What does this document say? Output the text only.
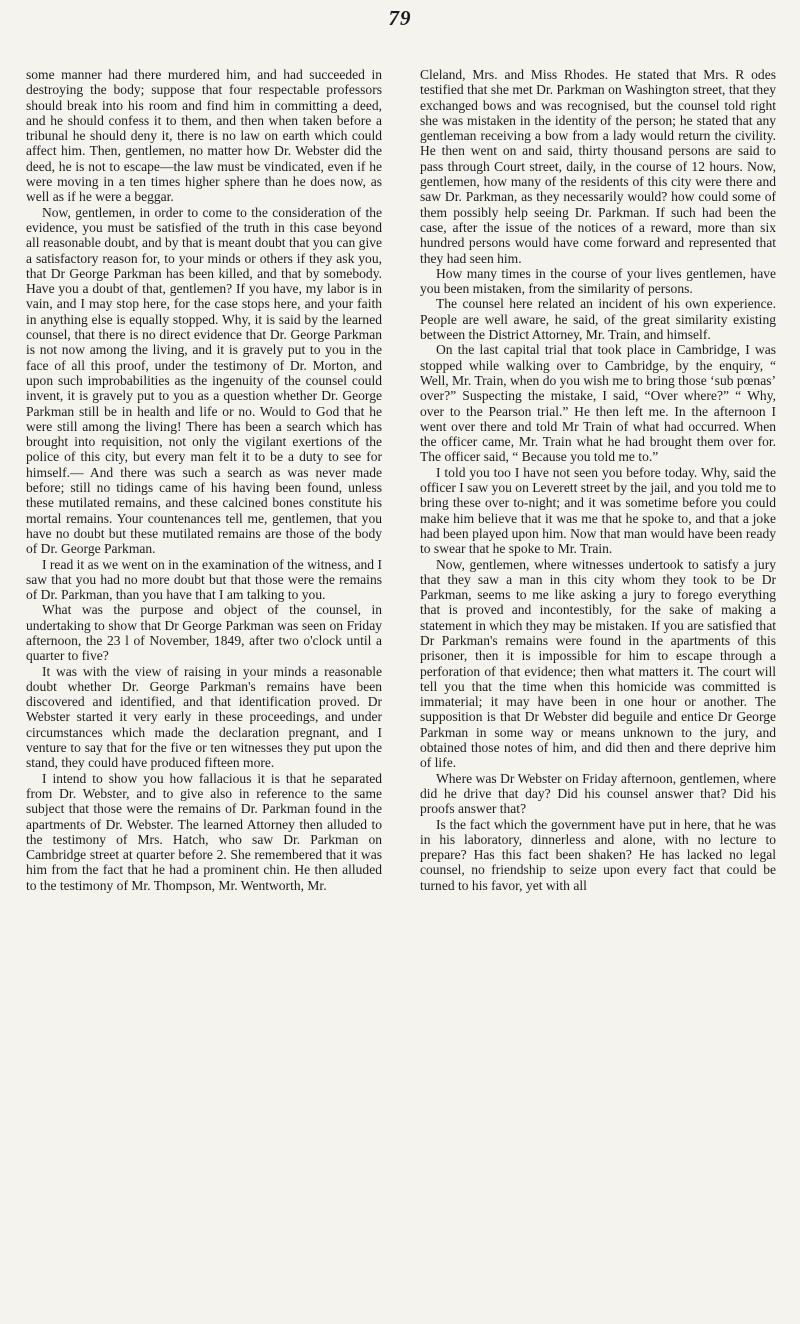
79

some manner had there murdered him, and had succeeded in destroying the body; suppose that four respectable professors should break into his room and find him in committing a deed, and he should confess it to them, and then when taken before a tribunal he should deny it, there is no law on earth which could affect him. Then, gentlemen, no matter how Dr. Webster did the deed, he is not to escape—the law must be vindicated, even if he were moving in a ten times higher sphere than he does now, as well as if he were a beggar.

Now, gentlemen, in order to come to the consideration of the evidence, you must be satisfied of the truth in this case beyond all reasonable doubt, and by that is meant doubt that you can give a satisfactory reason for, to your minds or others if they ask you, that Dr George Parkman has been killed, and that by somebody. Have you a doubt of that, gentlemen? If you have, my labor is in vain, and I may stop here, for the case stops here, and your faith in anything else is equally stopped. Why, it is said by the learned counsel, that there is no direct evidence that Dr. George Parkman is not now among the living, and it is gravely put to you in the face of all this proof, under the testimony of Dr. Morton, and upon such improbabilities as the ingenuity of the counsel could invent, it is gravely put to you as a question whether Dr. George Parkman still be in health and life or no. Would to God that he were still among the living! There has been a search which has brought into requisition, not only the vigilant exertions of the police of this city, but every man felt it to be a duty to see for himself.— And there was such a search as was never made before; still no tidings came of his having been found, unless these mutilated remains, and these calcined bones constitute his mortal remains. Your countenances tell me, gentlemen, that you have no doubt but these mutilated remains are those of the body of Dr. George Parkman.

I read it as we went on in the examination of the witness, and I saw that you had no more doubt but that those were the remains of Dr. Parkman, than you have that I am talking to you.

What was the purpose and object of the counsel, in undertaking to show that Dr George Parkman was seen on Friday afternoon, the 23 l of November, 1849, after two o'clock until a quarter to five?

It was with the view of raising in your minds a reasonable doubt whether Dr. George Parkman's remains have been discovered and identified, and that identification proved. Dr Webster started it very early in these proceedings, and under circumstances which made the declaration pregnant, and I venture to say that for the five or ten witnesses they put upon the stand, they could have produced fifteen more.

I intend to show you how fallacious it is that he separated from Dr. Webster, and to give also in reference to the same subject that those were the remains of Dr. Parkman found in the apartments of Dr. Webster. The learned Attorney then alluded to the testimony of Mrs. Hatch, who saw Dr. Parkman on Cambridge street at quarter before 2. She remembered that it was him from the fact that he had a prominent chin. He then alluded to the testimony of Mr. Thompson, Mr. Wentworth, Mr.

Cleland, Mrs. and Miss Rhodes. He stated that Mrs. R odes testified that she met Dr. Parkman on Washington street, that they exchanged bows and was recognised, but the counsel told right she was mistaken in the identity of the person; he stated that any gentleman receiving a bow from a lady would return the civility. He then went on and said, thirty thousand persons are said to pass through Court street, daily, in the course of 12 hours. Now, gentlemen, how many of the residents of this city were there and saw Dr. Parkman, as they necessarily would? how could some of them possibly help seeing Dr. Parkman. If such had been the case, after the issue of the notices of a reward, more than six hundred persons would have come forward and represented that they had seen him.

How many times in the course of your lives gentlemen, have you been mistaken, from the similarity of persons.

The counsel here related an incident of his own experience. People are well aware, he said, of the great similarity existing between the District Attorney, Mr. Train, and himself.

On the last capital trial that took place in Cambridge, I was stopped while walking over to Cambridge, by the enquiry, “ Well, Mr. Train, when do you wish me to bring those ‘sub pœnas’ over?” Suspecting the mistake, I said, “Over where?” “ Why, over to the Pearson trial.” He then left me. In the afternoon I went over there and told Mr Train of what had occurred. When the officer came, Mr. Train what he had brought them over for. The officer said, “ Because you told me to.”

I told you too I have not seen you before today. Why, said the officer I saw you on Leverett street by the jail, and you told me to bring these over to-night; and it was sometime before you could make him believe that it was me that he spoke to, and that a joke had been played upon him. Now that man would have been ready to swear that he spoke to Mr. Train.

Now, gentlemen, where witnesses undertook to satisfy a jury that they saw a man in this city whom they took to be Dr Parkman, seems to me like asking a jury to forego everything that is proved and incontestibly, for the sake of making a statement in which they may be mistaken. If you are satisfied that Dr Parkman's remains were found in the apartments of this prisoner, then it is impossible for him to escape through a perforation of that evidence; then what matters it. The court will tell you that the time when this homicide was committed is immaterial; it may have been in one hour or another. The supposition is that Dr Webster did beguile and entice Dr George Parkman in some way or means unknown to the jury, and obtained those notes of him, and did then and there deprive him of life.

Where was Dr Webster on Friday afternoon, gentlemen, where did he drive that day? Did his counsel answer that? Did his proofs answer that?

Is the fact which the government have put in here, that he was in his laboratory, dinnerless and alone, with no lecture to prepare? Has this fact been shaken? He has lacked no legal counsel, no friendship to seize upon every fact that could be turned to his favor, yet with all
